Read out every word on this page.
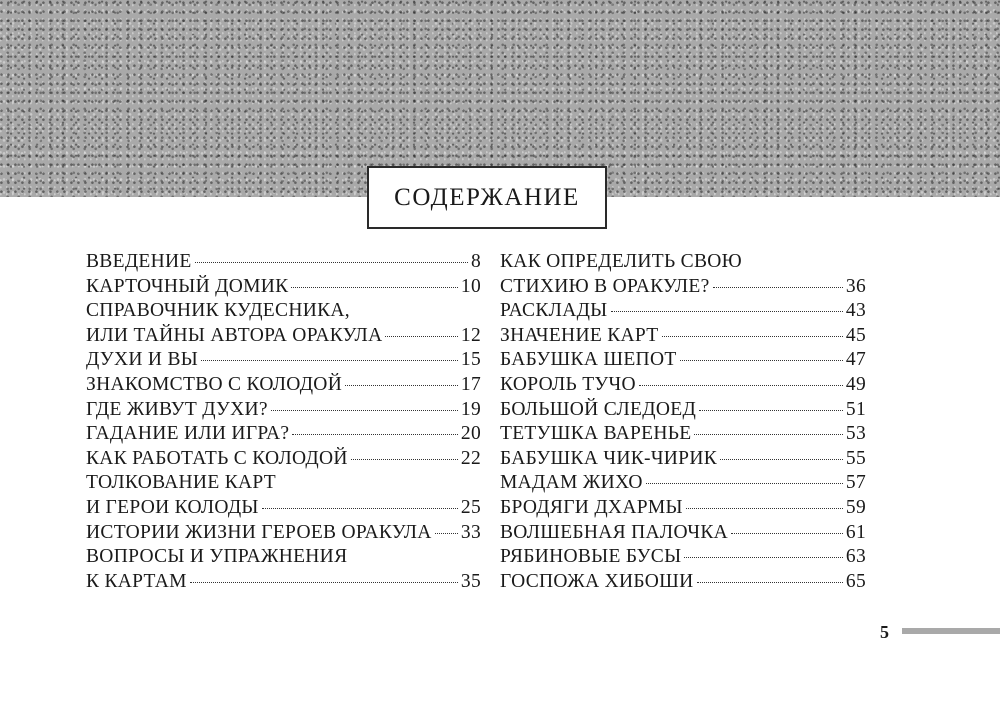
СОДЕРЖАНИЕ
ВВЕДЕНИЕ	8
КАРТОЧНЫЙ ДОМИК	10
СПРАВОЧНИК КУДЕСНИКА,
ИЛИ ТАЙНЫ АВТОРА ОРАКУЛА	12
ДУХИ И ВЫ	15
ЗНАКОМСТВО С КОЛОДОЙ	17
ГДЕ ЖИВУТ ДУХИ?	19
ГАДАНИЕ ИЛИ ИГРА?	20
КАК РАБОТАТЬ С КОЛОДОЙ	22
ТОЛКОВАНИЕ КАРТ
И ГЕРОИ КОЛОДЫ	25
ИСТОРИИ ЖИЗНИ ГЕРОЕВ ОРАКУЛА 33
ВОПРОСЫ И УПРАЖНЕНИЯ
К КАРТАМ	35
КАК ОПРЕДЕЛИТЬ СВОЮ
СТИХИЮ В ОРАКУЛЕ?	36
РАСКЛАДЫ	43
ЗНАЧЕНИЕ КАРТ	45
БАБУШКА ШЕПОТ	47
КОРОЛЬ ТУЧО	49
БОЛЬШОЙ СЛЕДОЕД	51
ТЕТУШКА ВАРЕНЬЕ	53
БАБУШКА ЧИК-ЧИРИК	55
МАДАМ ЖИХО	57
БРОДЯГИ ДХАРМЫ	59
ВОЛШЕБНАЯ ПАЛОЧКА	61
РЯБИНОВЫЕ БУСЫ	63
ГОСПОЖА ХИБОШИ	65
5
